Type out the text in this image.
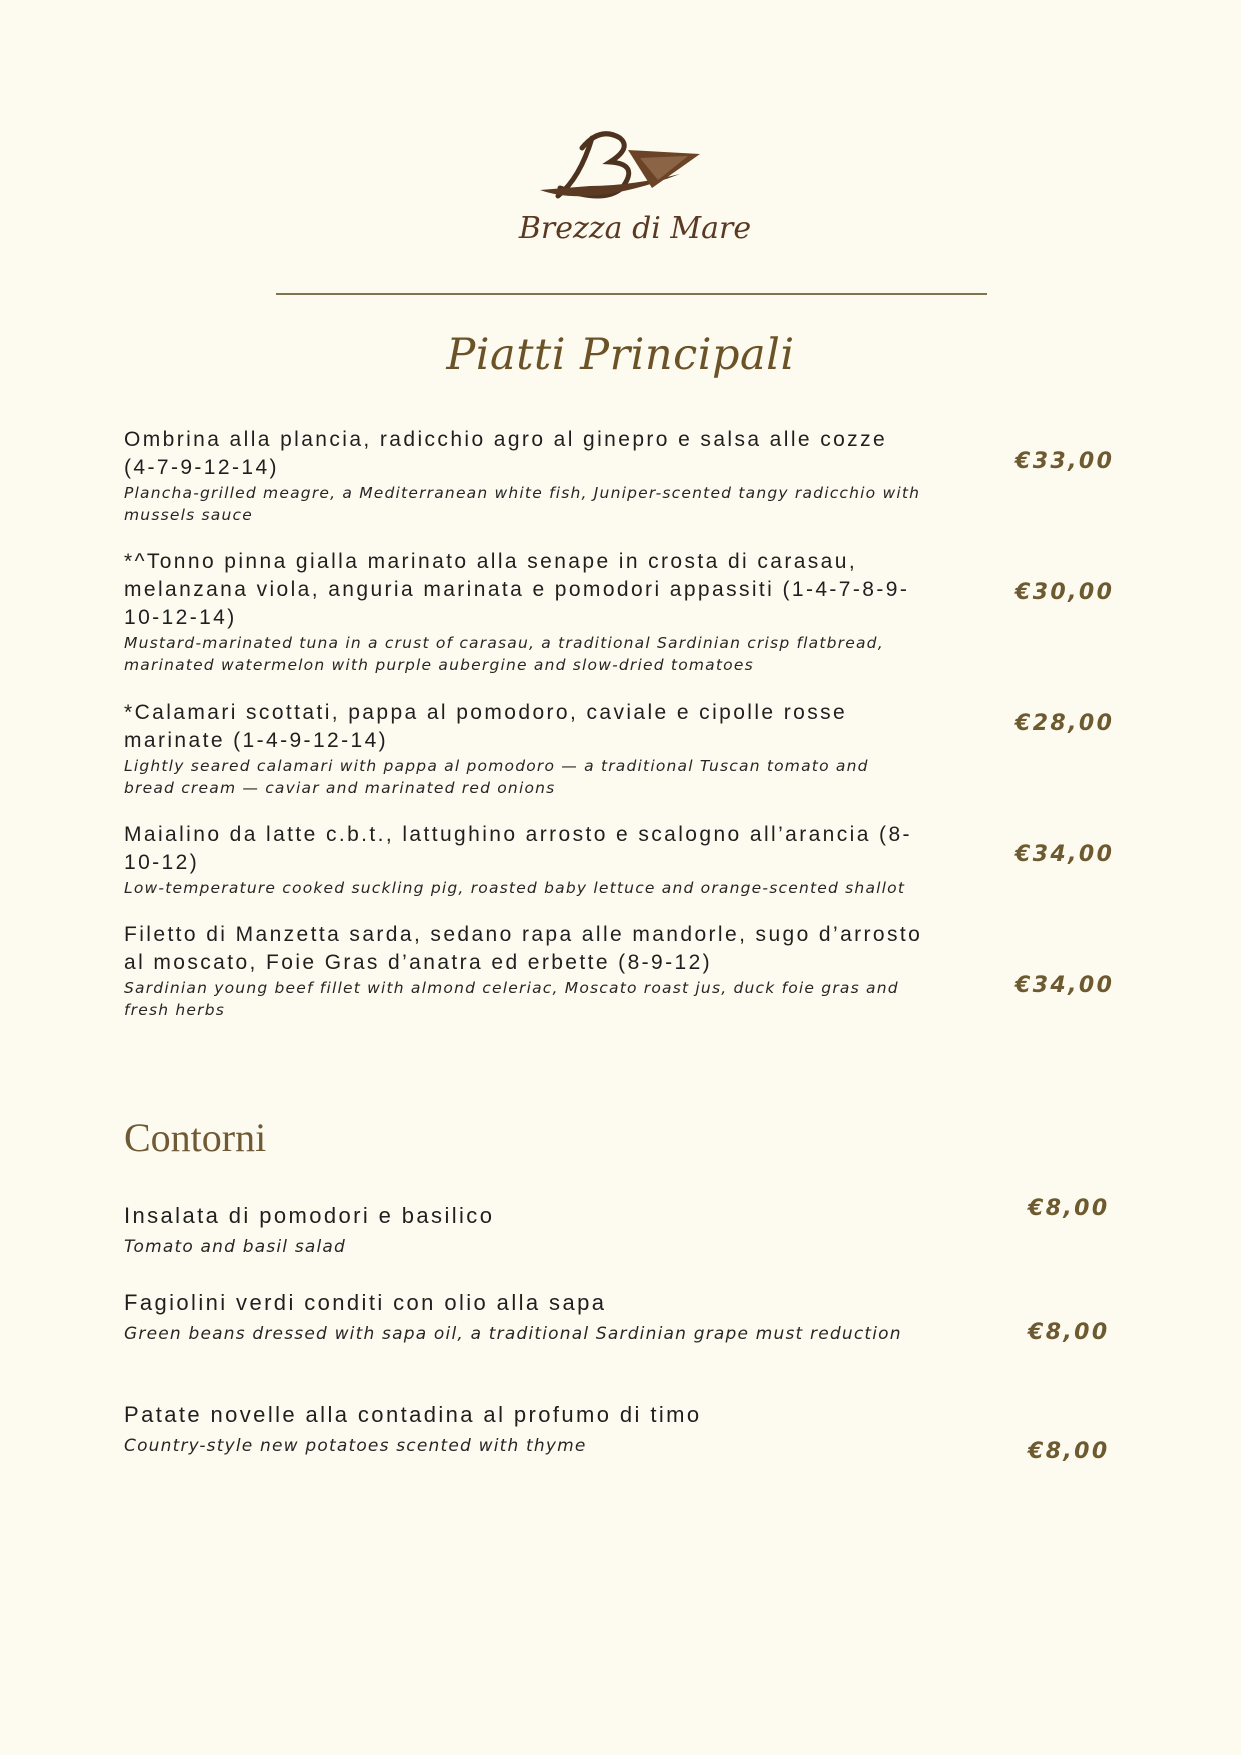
Brezza di Mare
Piatti Principali
Ombrina alla plancia, radicchio agro al ginepro e salsa alle cozze (4-7-9-12-14)
Plancha-grilled meagre, a Mediterranean white fish, Juniper-scented tangy radicchio with mussels sauce
€33,00
*^Tonno pinna gialla marinato alla senape in crosta di carasau, melanzana viola, anguria marinata e pomodori appassiti (1-4-7-8-9-10-12-14)
Mustard-marinated tuna in a crust of carasau, a traditional Sardinian crisp flatbread, marinated watermelon with purple aubergine and slow-dried tomatoes
€30,00
*Calamari scottati, pappa al pomodoro, caviale e cipolle rosse marinate (1-4-9-12-14)
Lightly seared calamari with pappa al pomodoro — a traditional Tuscan tomato and bread cream — caviar and marinated red onions
€28,00
Maialino da latte c.b.t., lattughino arrosto e scalogno all’arancia (8-10-12)
Low-temperature cooked suckling pig, roasted baby lettuce and orange-scented shallot
€34,00
Filetto di Manzetta sarda, sedano rapa alle mandorle, sugo d’arrosto al moscato, Foie Gras d’anatra ed erbette (8-9-12)
Sardinian young beef fillet with almond celeriac, Moscato roast jus, duck foie gras and fresh herbs
€34,00
Contorni
Insalata di pomodori e basilico
Tomato and basil salad
€8,00
Fagiolini verdi conditi con olio alla sapa
Green beans dressed with sapa oil, a traditional Sardinian grape must reduction	€8,00
Patate novelle alla contadina al profumo di timo
Country-style new potatoes scented with thyme	€8,00
